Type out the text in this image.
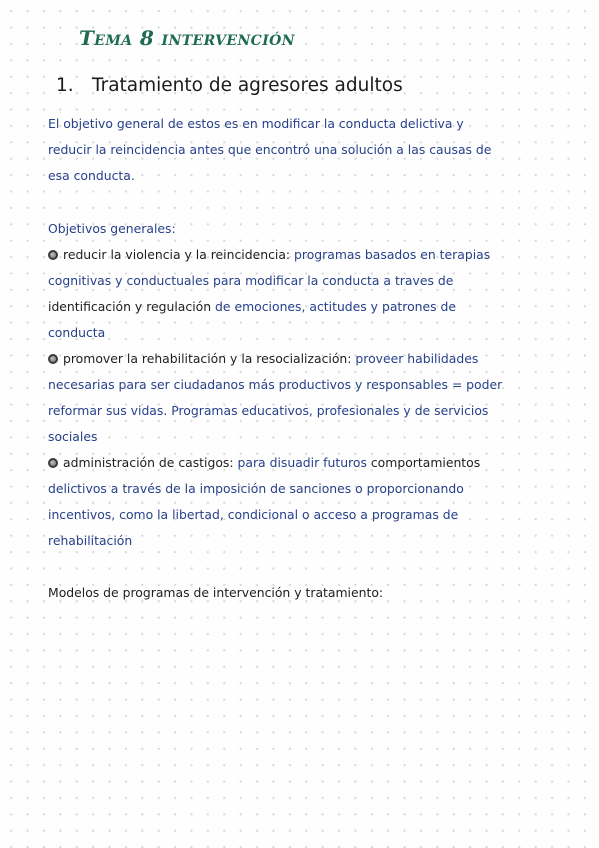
Tema 8 intervención
1. Tratamiento de agresores adultos
El objetivo general de estos es en modificar la conducta delictiva y
reducir la reincidencia antes que encontró una solución a las causas de
esa conducta.
Objetivos generales:
reducir la violencia y la reincidencia: programas basados en terapias
cognitivas y conductuales para modificar la conducta a traves de
identificación y regulación de emociones, actitudes y patrones de
conducta
promover la rehabilitación y la resocialización: proveer habilidades
necesarias para ser ciudadanos más productivos y responsables = poder
reformar sus vidas. Programas educativos, profesionales y de servicios
sociales
administración de castigos: para disuadir futuros comportamientos
delictivos a través de la imposición de sanciones o proporcionando
incentivos, como la libertad, condicional o acceso a programas de
rehabilitación
Modelos de programas de intervención y tratamiento:
